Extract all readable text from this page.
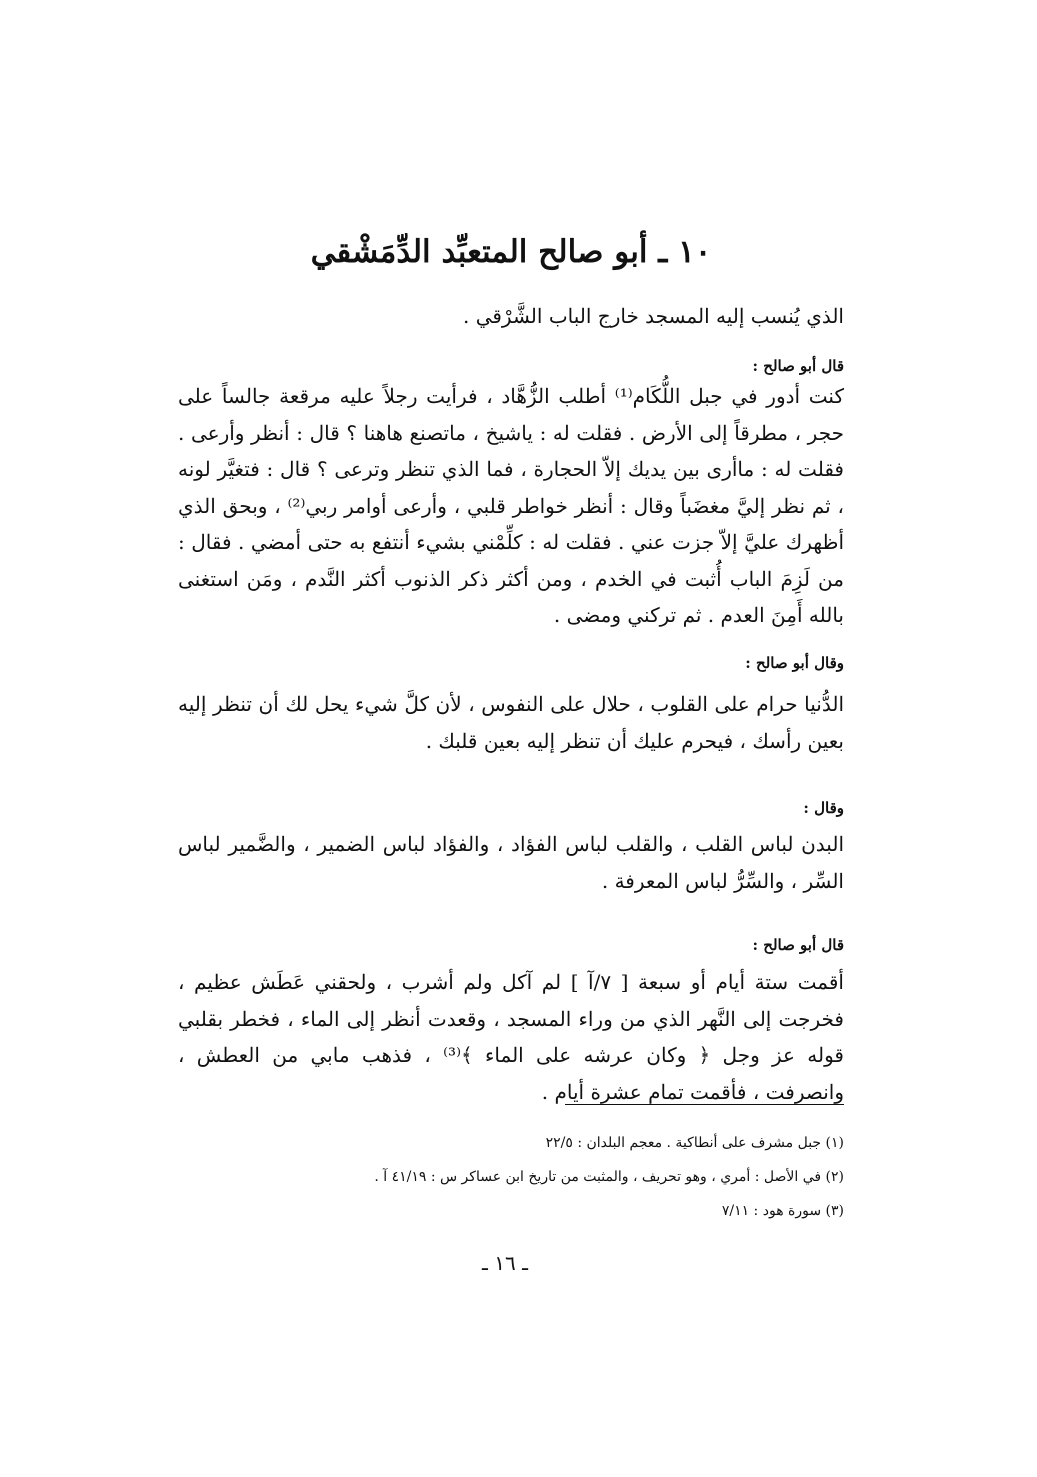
١٠ ـ أبو صالح المتعبِّد الدِّمَشْقي
الذي يُنسب إليه المسجد خارج الباب الشَّرْقي .
قال أبو صالح :
كنت أدور في جبل اللُّكَام⁽¹⁾ أطلب الزُّهَّاد ، فرأيت رجلاً عليه مرقعة جالساً على حجر ، مطرقاً إلى الأرض . فقلت له : ياشيخ ، ماتصنع هاهنا ؟ قال : أنظر وأرعى . فقلت له : ماأرى بين يديك إلاّ الحجارة ، فما الذي تنظر وترعى ؟ قال : فتغيَّر لونه ، ثم نظر إليَّ مغضَباً وقال : أنظر خواطر قلبي ، وأرعى أوامر ربي⁽²⁾ ، وبحق الذي أظهرك عليَّ إلاّ جزت عني . فقلت له : كلِّمْني بشيء أنتفع به حتى أمضي . فقال : من لَزِمَ الباب أُثبت في الخدم ، ومن أكثر ذكر الذنوب أكثر النَّدم ، ومَن استغنى بالله أَمِنَ العدم . ثم تركني ومضى .
وقال أبو صالح :
الدُّنيا حرام على القلوب ، حلال على النفوس ، لأن كلَّ شيء يحل لك أن تنظر إليه بعين رأسك ، فيحرم عليك أن تنظر إليه بعين قلبك .
وقال :
البدن لباس القلب ، والقلب لباس الفؤاد ، والفؤاد لباس الضمير ، والضَّمير لباس السِّر ، والسِّرُّ لباس المعرفة .
قال أبو صالح :
أقمت ستة أيام أو سبعة [ ٧/آ ] لم آكل ولم أشرب ، ولحقني عَطَش عظيم ، فخرجت إلى النَّهر الذي من وراء المسجد ، وقعدت أنظر إلى الماء ، فخطر بقلبي قوله عز وجل ﴿ وكان عرشه على الماء ﴾⁽³⁾ ، فذهب مابي من العطش ، وانصرفت ، فأقمت تمام عشرة أيام .
(١) جبل مشرف على أنطاكية . معجم البلدان : ٢٢/٥
(٢) في الأصل : أمري ، وهو تحريف ، والمثبت من تاريخ ابن عساكر س : ٤١/١٩ آ .
(٣) سورة هود : ٧/١١
ـ ١٦ ـ
